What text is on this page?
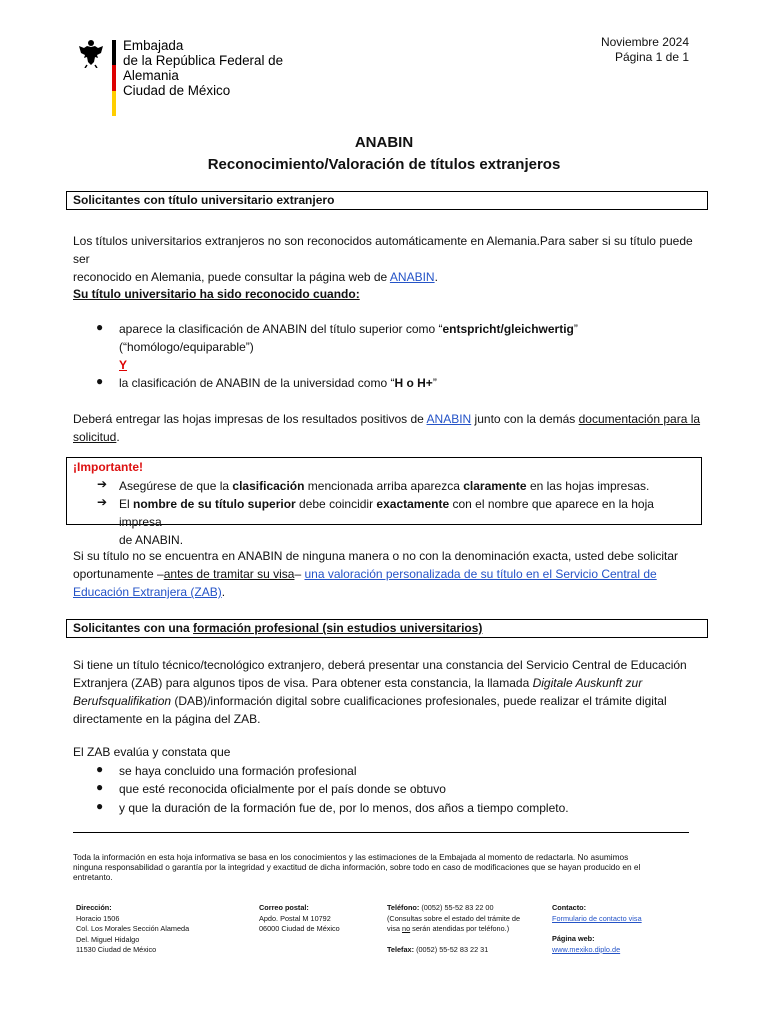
Embajada
de la República Federal de Alemania
Ciudad de México
Noviembre 2024
Página 1 de 1
ANABIN
Reconocimiento/Valoración de títulos extranjeros
Solicitantes con título universitario extranjero
Los títulos universitarios extranjeros no son reconocidos automáticamente en Alemania.Para saber si su título puede ser
reconocido en Alemania, puede consultar la página web de ANABIN.
Su título universitario ha sido reconocido cuando:
● aparece la clasificación de ANABIN del título superior como “entspricht/gleichwertig”
(“homólogo/equiparable”)
Y
● la clasificación de ANABIN de la universidad como “H o H+”
Deberá entregar las hojas impresas de los resultados positivos de ANABIN junto con la demás documentación para la
solicitud.
¡Importante!
➔ Asegúrese de que la clasificación mencionada arriba aparezca claramente en las hojas impresas.
➔ El nombre de su título superior debe coincidir exactamente con el nombre que aparece en la hoja impresa
de ANABIN.
Si su título no se encuentra en ANABIN de ninguna manera o no con la denominación exacta, usted debe solicitar
oportunamente –antes de tramitar su visa– una valoración personalizada de su título en el Servicio Central de
Educación Extranjera (ZAB).
Solicitantes con una formación profesional (sin estudios universitarios)
Si tiene un título técnico/tecnológico extranjero, deberá presentar una constancia del Servicio Central de Educación
Extranjera (ZAB) para algunos tipos de visa. Para obtener esta constancia, la llamada Digitale Auskunft zur
Berufsqualifikation (DAB)/información digital sobre cualificaciones profesionales, puede realizar el trámite digital
directamente en la página del ZAB.
El ZAB evalúa y constata que
● se haya concluido una formación profesional
● que esté reconocida oficialmente por el país donde se obtuvo
● y que la duración de la formación fue de, por lo menos, dos años a tiempo completo.
Toda la información en esta hoja informativa se basa en los conocimientos y las estimaciones de la Embajada al momento de redactarla. No asumimos
ninguna responsabilidad o garantía por la integridad y exactitud de dicha información, sobre todo en caso de modificaciones que se hayan producido en el
entretanto.
Dirección:
Horacio 1506
Col. Los Morales Sección Alameda
Del. Miguel Hidalgo
11530 Ciudad de México
Correo postal:
Apdo. Postal M 10792
06000 Ciudad de México
Teléfono: (0052) 55-52 83 22 00
(Consultas sobre el estado del trámite de
visa no serán atendidas por teléfono.)
Telefax: (0052) 55-52 83 22 31
Contacto:
Formulario de contacto visa
Página web:
www.mexiko.diplo.de
